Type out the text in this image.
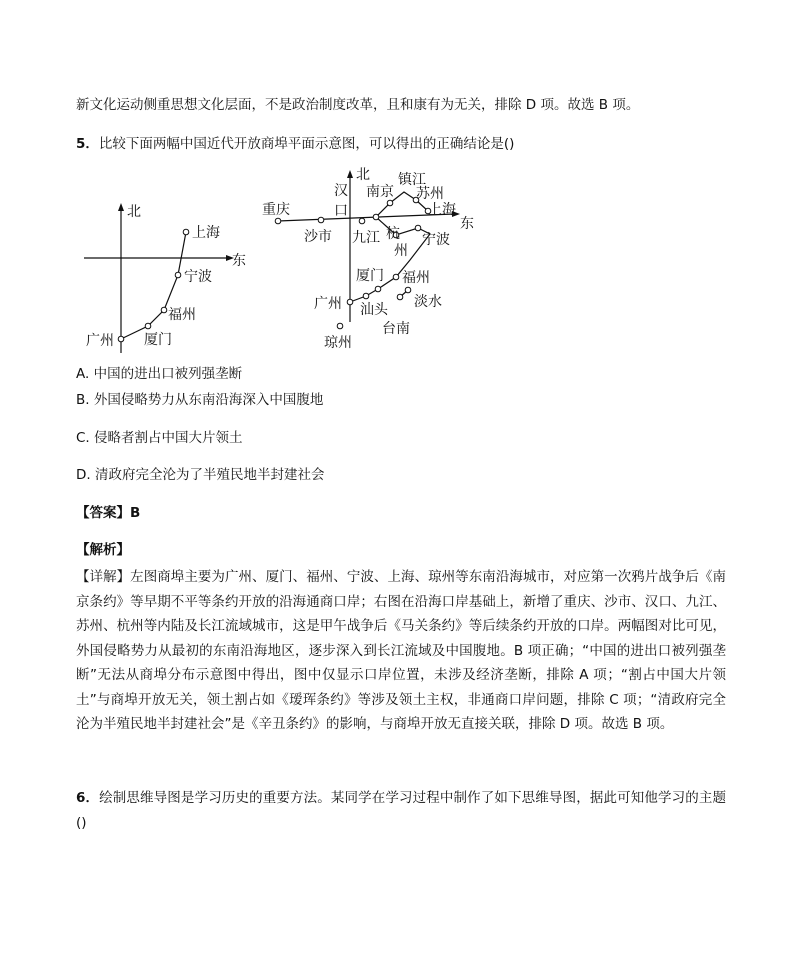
新文化运动侧重思想文化层面，不是政治制度改革，且和康有为无关，排除 D 项。故选 B 项。
5．比较下面两幅中国近代开放商埠平面示意图，可以得出的正确结论是()
北
东
上海
宁波
福州
厦门
广州
北
东
重庆
沙市
汉
口
九江
南京
镇江
苏州
上海
杭
州
宁波
厦门 福州
广州 汕头 淡水
台南
琼州
A. 中国的进出口被列强垄断
B. 外国侵略势力从东南沿海深入中国腹地
C. 侵略者割占中国大片领土
D. 清政府完全沦为了半殖民地半封建社会
【答案】B
【解析】
【详解】左图商埠主要为广州、厦门、福州、宁波、上海、琼州等东南沿海城市，对应第一次鸦片战争后《南京条约》等早期不平等条约开放的沿海通商口岸；右图在沿海口岸基础上，新增了重庆、沙市、汉口、九江、苏州、杭州等内陆及长江流域城市，这是甲午战争后《马关条约》等后续条约开放的口岸。两幅图对比可见，外国侵略势力从最初的东南沿海地区，逐步深入到长江流域及中国腹地。B 项正确；“中国的进出口被列强垄断”无法从商埠分布示意图中得出，图中仅显示口岸位置，未涉及经济垄断，排除 A 项；“割占中国大片领土”与商埠开放无关，领土割占如《瑷珲条约》等涉及领土主权，非通商口岸问题，排除 C 项；“清政府完全沦为半殖民地半封建社会”是《辛丑条约》的影响，与商埠开放无直接关联，排除 D 项。故选 B 项。
6．绘制思维导图是学习历史的重要方法。某同学在学习过程中制作了如下思维导图，据此可知他学习的主题()
